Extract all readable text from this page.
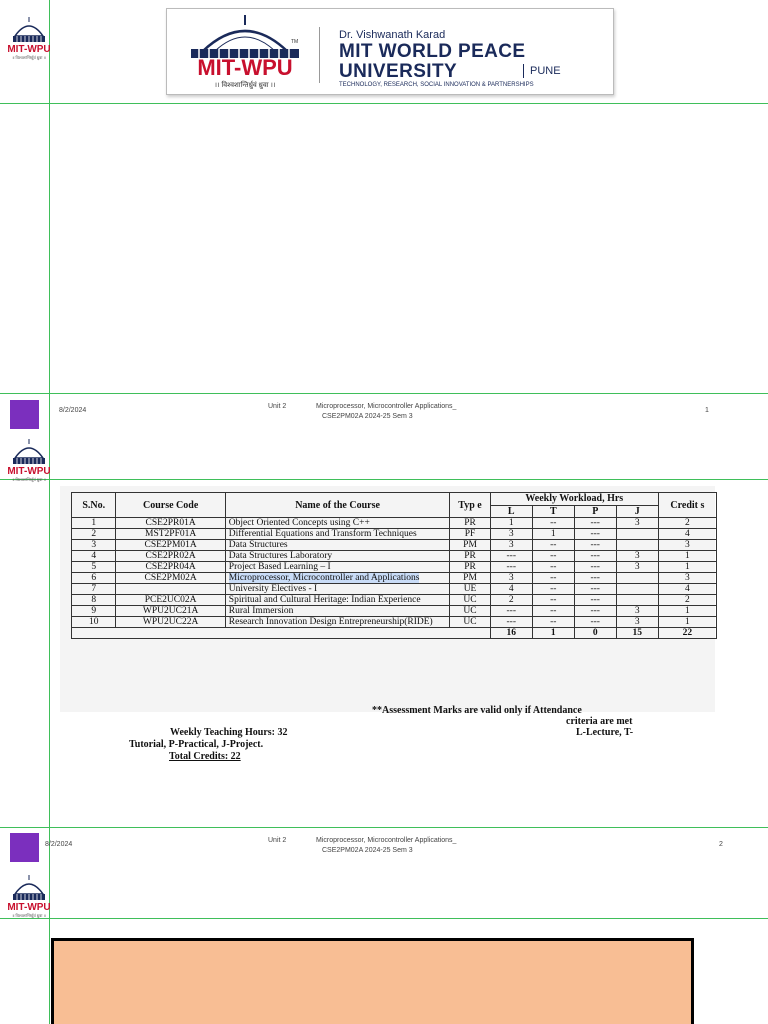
MIT-WPU
॥ विश्वशान्तिर्ध्रुवं ध्रुवा ॥
TM
MIT-WPU
।। विश्वशान्तिर्ध्रुवं ध्रुवा ।।
Dr. Vishwanath Karad
MIT WORLD PEACE
UNIVERSITY	PUNE
TECHNOLOGY, RESEARCH, SOCIAL INNOVATION & PARTNERSHIPS
8/2/2024
Unit 2	Microprocessor, Microcontroller Applications_
CSE2PM02A 2024-25 Sem 3
1
MIT-WPU
॥ विश्वशान्तिर्ध्रुवं ध्रुवा ॥
S.No.	Course Code	Name of the Course	Typ e	Weekly Workload, Hrs				Credit s
				L	T	P	J	
1	CSE2PR01A	Object Oriented Concepts using C++	PR	1	--	---	3	2
2	MST2PF01A	Differential Equations and Transform Techniques	PF	3	1	---		4
3	CSE2PM01A	Data Structures	PM	3	--	---		3
4	CSE2PR02A	Data Structures Laboratory	PR	---	--	---	3	1
5	CSE2PR04A	Project Based Learning – I	PR	---	--	---	3	1
6	CSE2PM02A	Microprocessor, Microcontroller and Applications	PM	3	--	---		3
7		University Electives - I	UE	4	--	---		4
8	PCE2UC02A	Spiritual and Cultural Heritage: Indian Experience	UC	2	--	---		2
9	WPU2UC21A	Rural Immersion	UC	---	--	---	3	1
10	WPU2UC22A	Research Innovation Design Entrepreneurship(RIDE)	UC	---	--	---	3	1
				16	1	0	15	22
**Assessment Marks are valid only if Attendance
criteria are met
Weekly Teaching Hours: 32	L-Lecture, T-
Tutorial, P-Practical, J-Project.
Total Credits: 22
8/2/2024
Unit 2	Microprocessor, Microcontroller Applications_
CSE2PM02A 2024-25 Sem 3
2
MIT-WPU
॥ विश्वशान्तिर्ध्रुवं ध्रुवा ॥
